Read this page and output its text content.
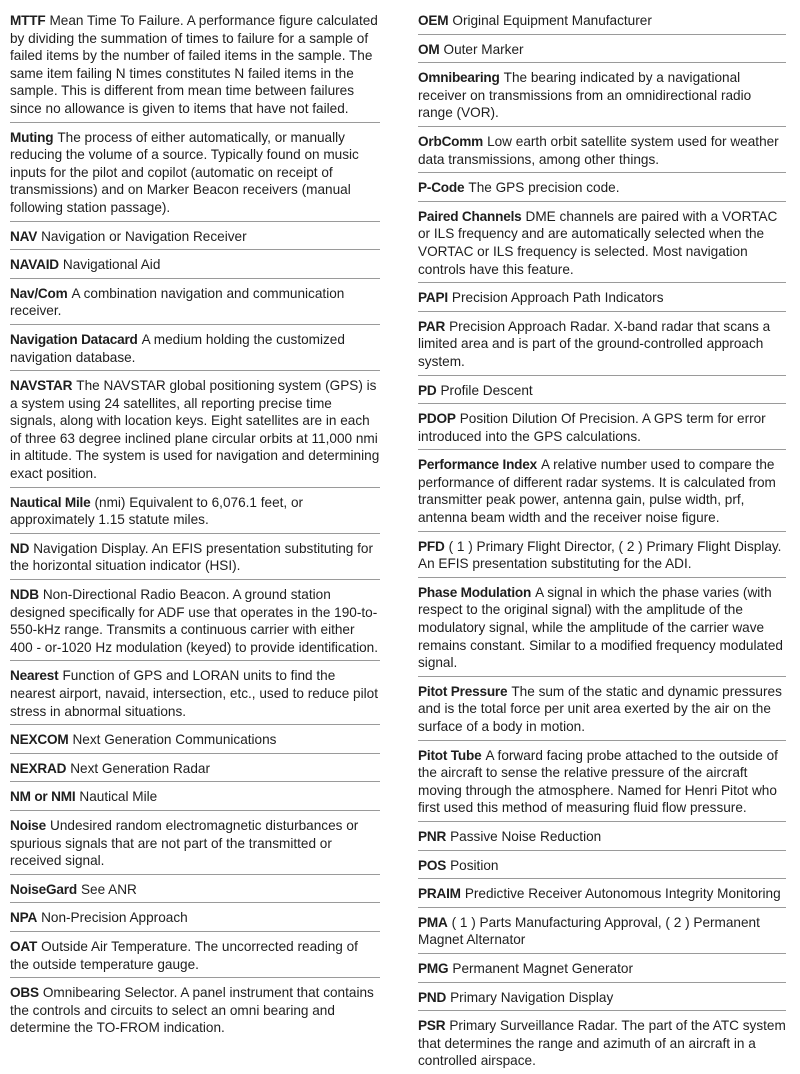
MTTF Mean Time To Failure. A performance figure calculated by dividing the summation of times to failure for a sample of failed items by the number of failed items in the sample. The same item failing N times constitutes N failed items in the sample. This is different from mean time between failures since no allowance is given to items that have not failed.
Muting The process of either automatically, or manually reducing the volume of a source. Typically found on music inputs for the pilot and copilot (automatic on receipt of transmissions) and on Marker Beacon receivers (manual following station passage).
NAV Navigation or Navigation Receiver
NAVAID Navigational Aid
Nav/Com A combination navigation and communication receiver.
Navigation Datacard A medium holding the customized navigation database.
NAVSTAR The NAVSTAR global positioning system (GPS) is a system using 24 satellites, all reporting precise time signals, along with location keys. Eight satellites are in each of three 63 degree inclined plane circular orbits at 11,000 nmi in altitude. The system is used for navigation and determining exact position.
Nautical Mile (nmi) Equivalent to 6,076.1 feet, or approximately 1.15 statute miles.
ND Navigation Display. An EFIS presentation substituting for the horizontal situation indicator (HSI).
NDB Non-Directional Radio Beacon. A ground station designed specifically for ADF use that operates in the 190-to-550-kHz range. Transmits a continuous carrier with either 400 - or-1020 Hz modulation (keyed) to provide identification.
Nearest Function of GPS and LORAN units to find the nearest airport, navaid, intersection, etc., used to reduce pilot stress in abnormal situations.
NEXCOM Next Generation Communications
NEXRAD Next Generation Radar
NM or NMI Nautical Mile
Noise Undesired random electromagnetic disturbances or spurious signals that are not part of the transmitted or received signal.
NoiseGard See ANR
NPA Non-Precision Approach
OAT Outside Air Temperature. The uncorrected reading of the outside temperature gauge.
OBS Omnibearing Selector. A panel instrument that contains the controls and circuits to select an omni bearing and determine the TO-FROM indication.
OEM Original Equipment Manufacturer
OM Outer Marker
Omnibearing The bearing indicated by a navigational receiver on transmissions from an omnidirectional radio range (VOR).
OrbComm Low earth orbit satellite system used for weather data transmissions, among other things.
P-Code The GPS precision code.
Paired Channels DME channels are paired with a VORTAC or ILS frequency and are automatically selected when the VORTAC or ILS frequency is selected. Most navigation controls have this feature.
PAPI Precision Approach Path Indicators
PAR Precision Approach Radar. X-band radar that scans a limited area and is part of the ground-controlled approach system.
PD Profile Descent
PDOP Position Dilution Of Precision. A GPS term for error introduced into the GPS calculations.
Performance Index A relative number used to compare the performance of different radar systems. It is calculated from transmitter peak power, antenna gain, pulse width, prf, antenna beam width and the receiver noise figure.
PFD ( 1 ) Primary Flight Director, ( 2 ) Primary Flight Display. An EFIS presentation substituting for the ADI.
Phase Modulation A signal in which the phase varies (with respect to the original signal) with the amplitude of the modulatory signal, while the amplitude of the carrier wave remains constant. Similar to a modified frequency modulated signal.
Pitot Pressure The sum of the static and dynamic pressures and is the total force per unit area exerted by the air on the surface of a body in motion.
Pitot Tube A forward facing probe attached to the outside of the aircraft to sense the relative pressure of the aircraft moving through the atmosphere. Named for Henri Pitot who first used this method of measuring fluid flow pressure.
PNR Passive Noise Reduction
POS Position
PRAIM Predictive Receiver Autonomous Integrity Monitoring
PMA ( 1 ) Parts Manufacturing Approval, ( 2 ) Permanent Magnet Alternator
PMG Permanent Magnet Generator
PND Primary Navigation Display
PSR Primary Surveillance Radar. The part of the ATC system that determines the range and azimuth of an aircraft in a controlled airspace.
